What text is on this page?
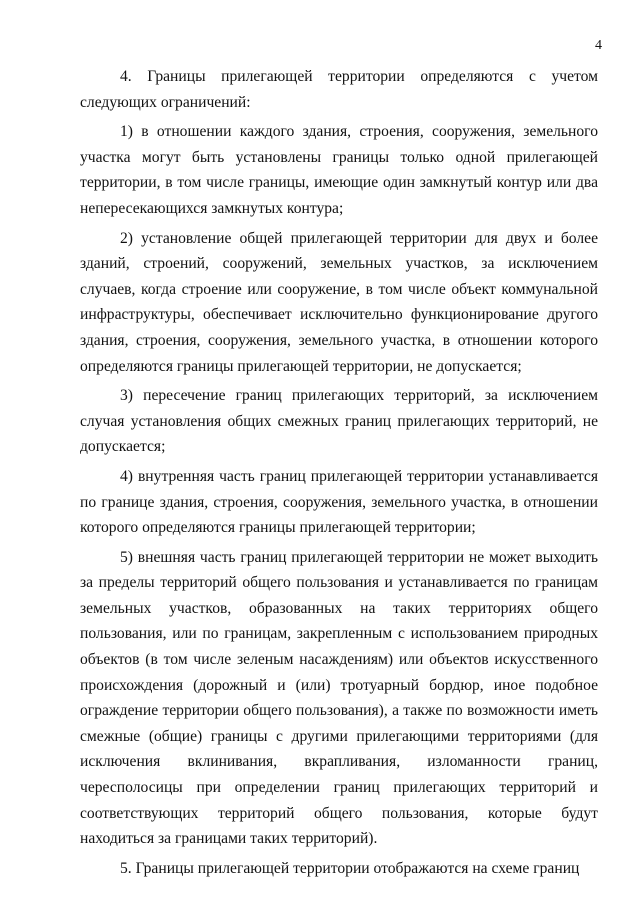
4

4. Границы прилегающей территории определяются с учетом следующих ограничений:

1) в отношении каждого здания, строения, сооружения, земельного участка могут быть установлены границы только одной прилегающей территории, в том числе границы, имеющие один замкнутый контур или два непересекающихся замкнутых контура;

2) установление общей прилегающей территории для двух и более зданий, строений, сооружений, земельных участков, за исключением случаев, когда строение или сооружение, в том числе объект коммунальной инфраструктуры, обеспечивает исключительно функционирование другого здания, строения, сооружения, земельного участка, в отношении которого определяются границы прилегающей территории, не допускается;

3) пересечение границ прилегающих территорий, за исключением случая установления общих смежных границ прилегающих территорий, не допускается;

4) внутренняя часть границ прилегающей территории устанавливается по границе здания, строения, сооружения, земельного участка, в отношении которого определяются границы прилегающей территории;

5) внешняя часть границ прилегающей территории не может выходить за пределы территорий общего пользования и устанавливается по границам земельных участков, образованных на таких территориях общего пользования, или по границам, закрепленным с использованием природных объектов (в том числе зеленым насаждениям) или объектов искусственного происхождения (дорожный и (или) тротуарный бордюр, иное подобное ограждение территории общего пользования), а также по возможности иметь смежные (общие) границы с другими прилегающими территориями (для исключения вклинивания, вкрапливания, изломанности границ, чересполосицы при определении границ прилегающих территорий и соответствующих территорий общего пользования, которые будут находиться за границами таких территорий).

5. Границы прилегающей территории отображаются на схеме границ
